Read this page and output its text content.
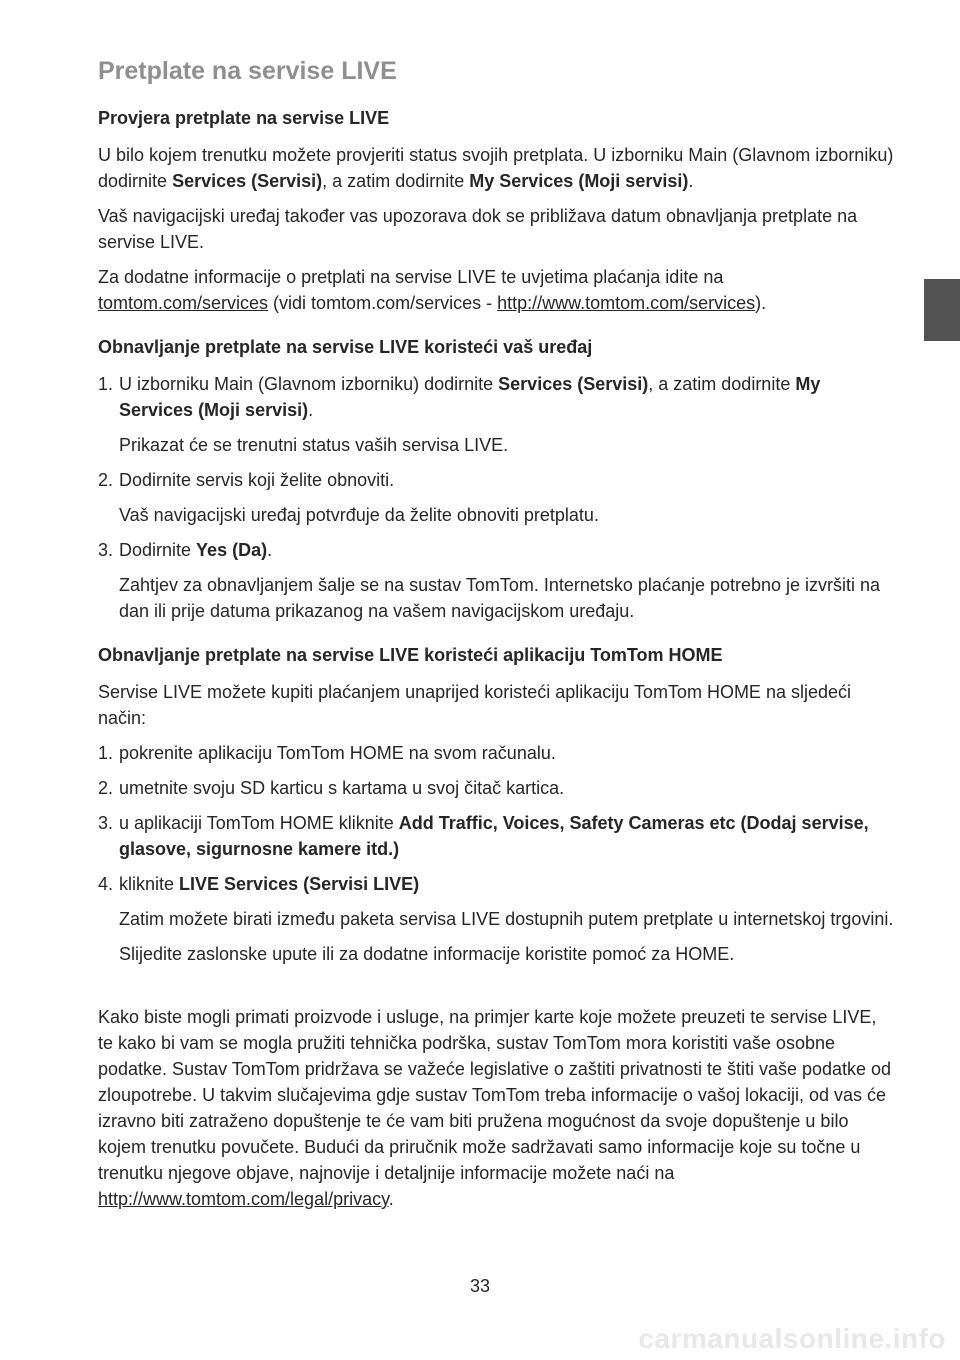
Pretplate na servise LIVE

Provjera pretplate na servise LIVE

U bilo kojem trenutku možete provjeriti status svojih pretplata. U izborniku Main (Glavnom izborniku) dodirnite Services (Servisi), a zatim dodirnite My Services (Moji servisi).

Vaš navigacijski uređaj također vas upozorava dok se približava datum obnavljanja pretplate na servise LIVE.

Za dodatne informacije o pretplati na servise LIVE te uvjetima plaćanja idite na tomtom.com/services (vidi tomtom.com/services - http://www.tomtom.com/services).

Obnavljanje pretplate na servise LIVE koristeći vaš uređaj

1. U izborniku Main (Glavnom izborniku) dodirnite Services (Servisi), a zatim dodirnite My Services (Moji servisi).

Prikazat će se trenutni status vaših servisa LIVE.

2. Dodirnite servis koji želite obnoviti.

Vaš navigacijski uređaj potvrđuje da želite obnoviti pretplatu.

3. Dodirnite Yes (Da).

Zahtjev za obnavljanjem šalje se na sustav TomTom. Internetsko plaćanje potrebno je izvršiti na dan ili prije datuma prikazanog na vašem navigacijskom uređaju.

Obnavljanje pretplate na servise LIVE koristeći aplikaciju TomTom HOME

Servise LIVE možete kupiti plaćanjem unaprijed koristeći aplikaciju TomTom HOME na sljedeći način:

1. pokrenite aplikaciju TomTom HOME na svom računalu.
2. umetnite svoju SD karticu s kartama u svoj čitač kartica.
3. u aplikaciji TomTom HOME kliknite Add Traffic, Voices, Safety Cameras etc (Dodaj servise, glasove, sigurnosne kamere itd.)
4. kliknite LIVE Services (Servisi LIVE)

Zatim možete birati između paketa servisa LIVE dostupnih putem pretplate u internetskoj trgovini.

Slijedite zaslonske upute ili za dodatne informacije koristite pomoć za HOME.

Kako biste mogli primati proizvode i usluge, na primjer karte koje možete preuzeti te servise LIVE, te kako bi vam se mogla pružiti tehnička podrška, sustav TomTom mora koristiti vaše osobne podatke. Sustav TomTom pridržava se važeće legislative o zaštiti privatnosti te štiti vaše podatke od zloupotrebe. U takvim slučajevima gdje sustav TomTom treba informacije o vašoj lokaciji, od vas će izravno biti zatraženo dopuštenje te će vam biti pružena mogućnost da svoje dopuštenje u bilo kojem trenutku povučete. Budući da priručnik može sadržavati samo informacije koje su točne u trenutku njegove objave, najnovije i detaljnije informacije možete naći na http://www.tomtom.com/legal/privacy.

33
carmanualsonline.info
